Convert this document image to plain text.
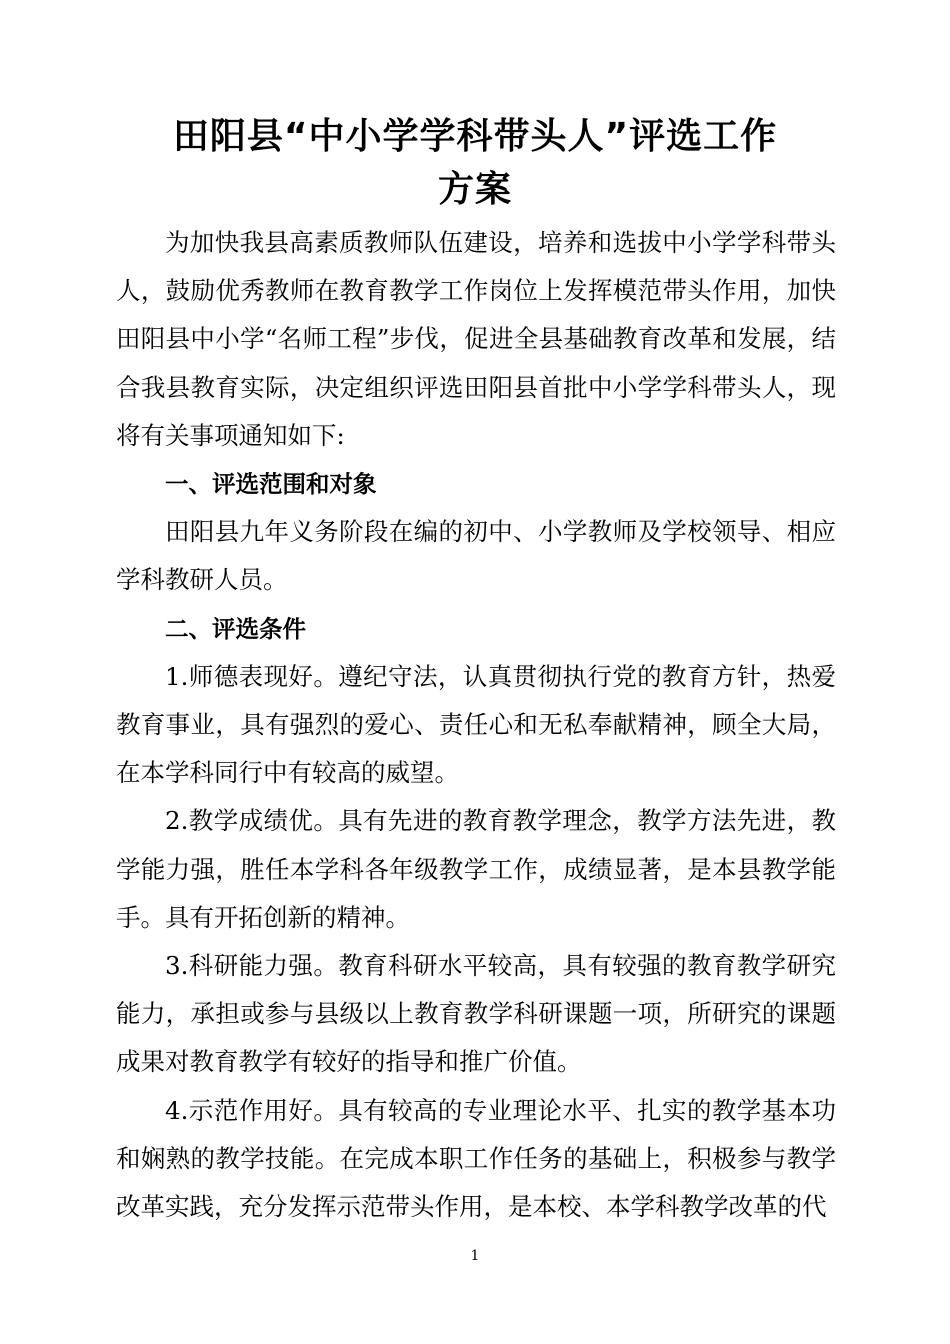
田阳县“中小学学科带头人”评选工作
方案

为加快我县高素质教师队伍建设，培养和选拔中小学学科带头人，鼓励优秀教师在教育教学工作岗位上发挥模范带头作用，加快田阳县中小学“名师工程”步伐，促进全县基础教育改革和发展，结合我县教育实际，决定组织评选田阳县首批中小学学科带头人，现将有关事项通知如下:

一、评选范围和对象

田阳县九年义务阶段在编的初中、小学教师及学校领导、相应学科教研人员。

二、评选条件

1.师德表现好。遵纪守法，认真贯彻执行党的教育方针，热爱教育事业，具有强烈的爱心、责任心和无私奉献精神，顾全大局，在本学科同行中有较高的威望。

2.教学成绩优。具有先进的教育教学理念，教学方法先进，教学能力强，胜任本学科各年级教学工作，成绩显著，是本县教学能手。具有开拓创新的精神。

3.科研能力强。教育科研水平较高，具有较强的教育教学研究能力，承担或参与县级以上教育教学科研课题一项，所研究的课题成果对教育教学有较好的指导和推广价值。

4.示范作用好。具有较高的专业理论水平、扎实的教学基本功和娴熟的教学技能。在完成本职工作任务的基础上，积极参与教学改革实践，充分发挥示范带头作用，是本校、本学科教学改革的代

1
